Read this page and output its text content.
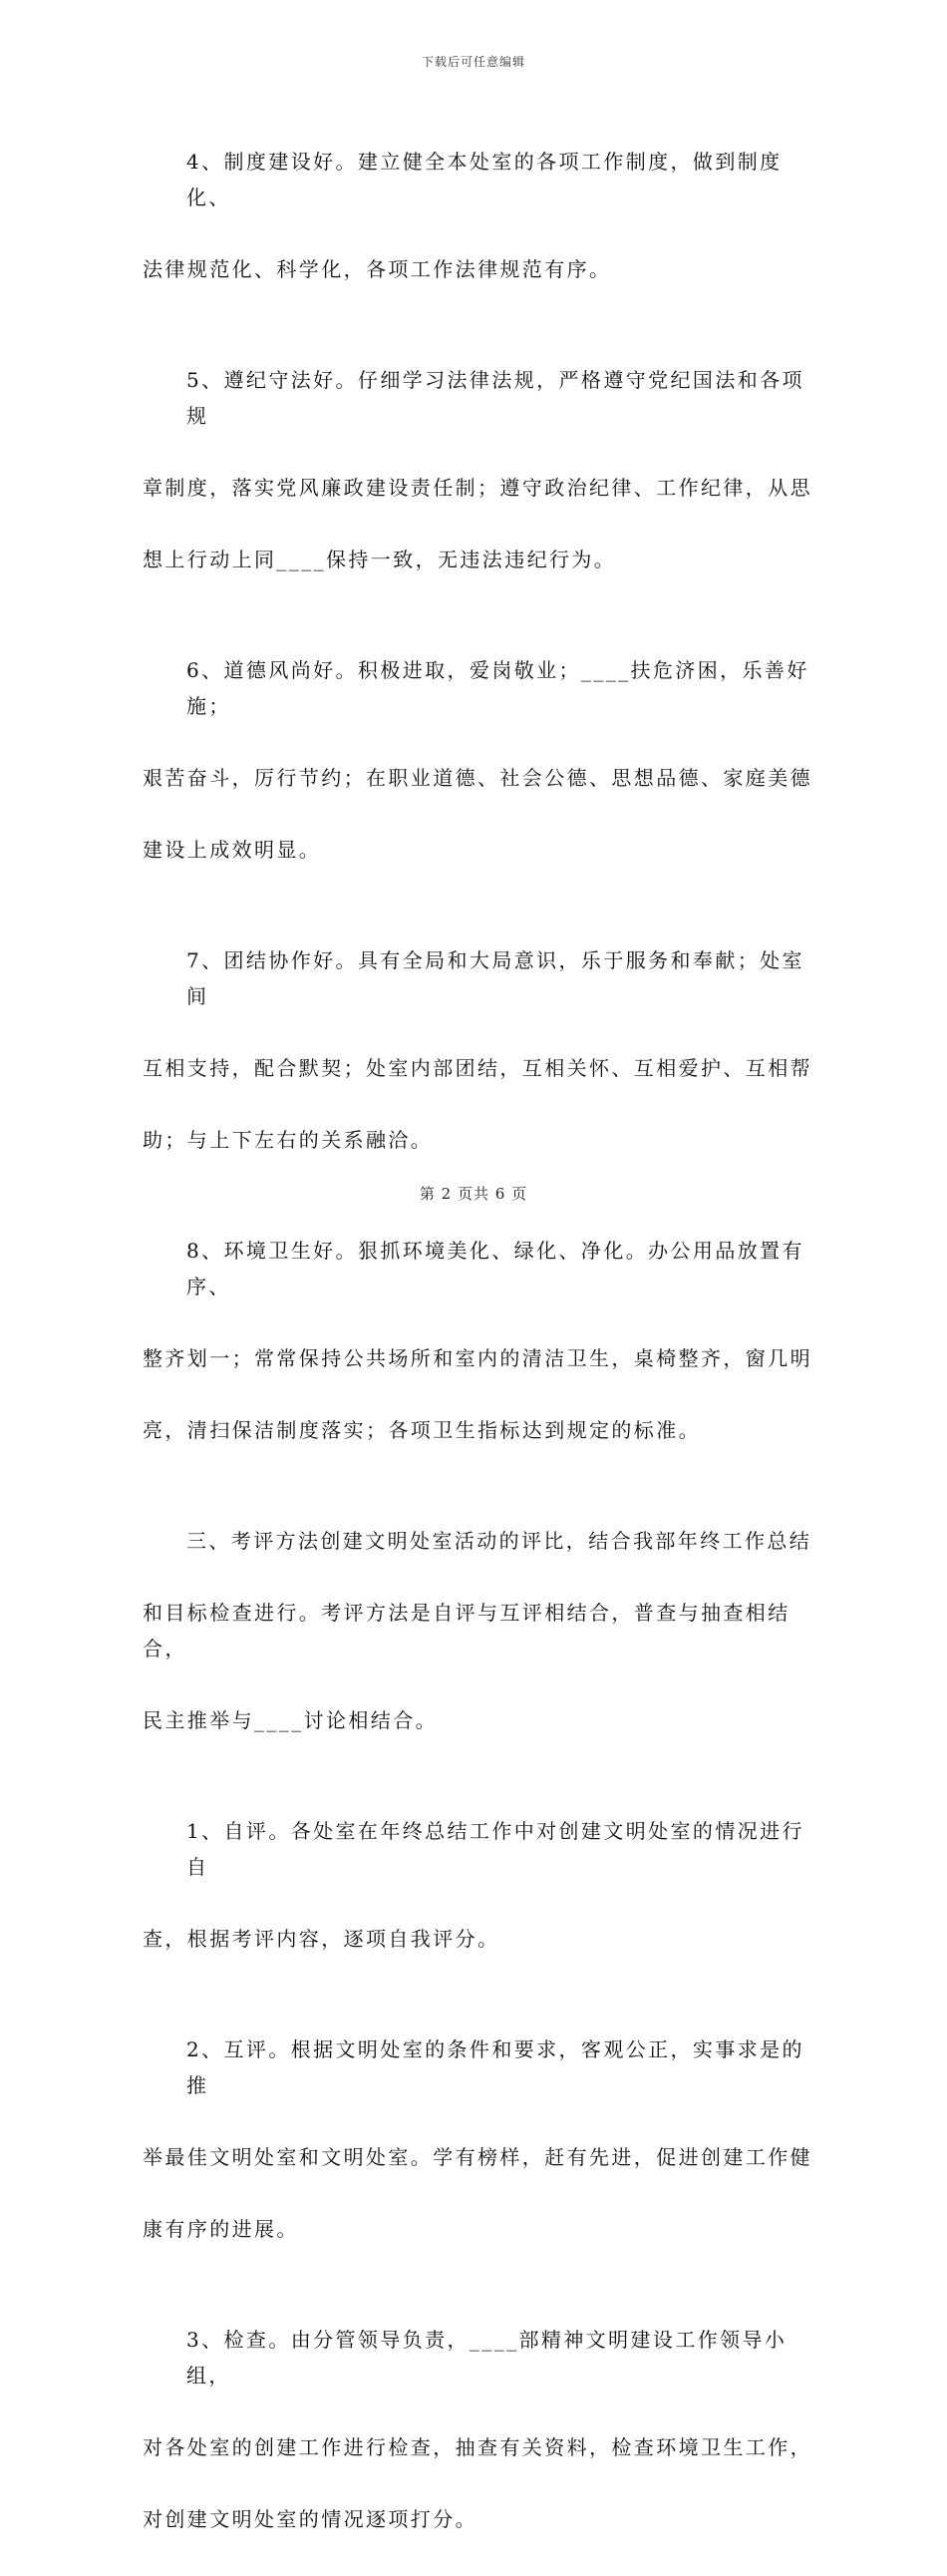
下载后可任意编辑

4、制度建设好。建立健全本处室的各项工作制度，做到制度化、

法律规范化、科学化，各项工作法律规范有序。

5、遵纪守法好。仔细学习法律法规，严格遵守党纪国法和各项规

章制度，落实党风廉政建设责任制；遵守政治纪律、工作纪律，从思

想上行动上同____保持一致，无违法违纪行为。

6、道德风尚好。积极进取，爱岗敬业；____扶危济困，乐善好施；

艰苦奋斗，厉行节约；在职业道德、社会公德、思想品德、家庭美德

建设上成效明显。

7、团结协作好。具有全局和大局意识，乐于服务和奉献；处室间

互相支持，配合默契；处室内部团结，互相关怀、互相爱护、互相帮

助；与上下左右的关系融洽。

8、环境卫生好。狠抓环境美化、绿化、净化。办公用品放置有序、

整齐划一；常常保持公共场所和室内的清洁卫生，桌椅整齐，窗几明

亮，清扫保洁制度落实；各项卫生指标达到规定的标准。

三、考评方法创建文明处室活动的评比，结合我部年终工作总结

和目标检查进行。考评方法是自评与互评相结合，普查与抽查相结合，

民主推举与____讨论相结合。

1、自评。各处室在年终总结工作中对创建文明处室的情况进行自

查，根据考评内容，逐项自我评分。

2、互评。根据文明处室的条件和要求，客观公正，实事求是的推

举最佳文明处室和文明处室。学有榜样，赶有先进，促进创建工作健

康有序的进展。

3、检查。由分管领导负责，____部精神文明建设工作领导小组，

对各处室的创建工作进行检查，抽查有关资料，检查环境卫生工作，

对创建文明处室的情况逐项打分。

第 2 页共 6 页
